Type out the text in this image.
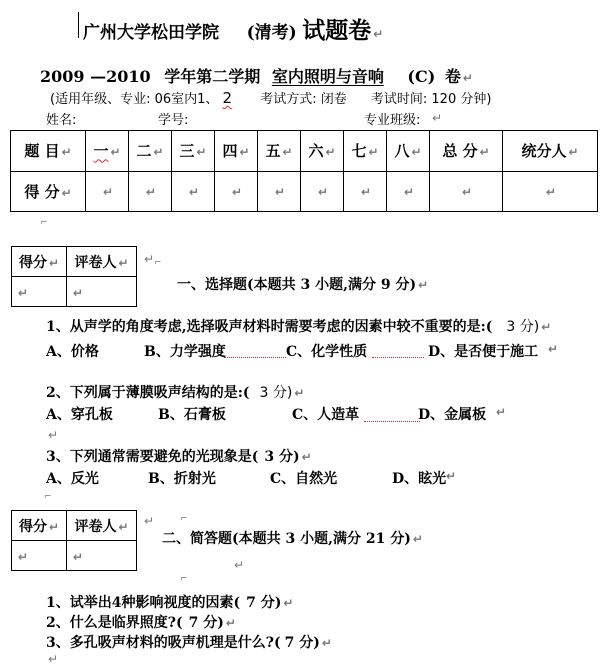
广州大学松田学院 (清考) 试题卷 ↵
2009 —2010 学年第二学期 室内照明与音响 (C) 卷 ↵
(适用年级、专业: 06室内1、 2 考试方式: 闭卷 考试时间: 120 分钟)
姓名:	学号:	专业班级: ↵
题 目 ↵	一 ↵	二 ↵	三 ↵	四 ↵	五 ↵	六 ↵	七 ↵	八 ↵	总 分 ↵	统分人 ↵
得 分 ↵	↵	↵	↵	↵	↵	↵	↵	↵	↵	↵
⌐
得分 ↵	评卷人 ↵
↵	↵
↵ ⌐
一、选择题(本题共 3 小题,满分 9 分) ↵
1、从声学的角度考虑,选择吸声材料时需要考虑的因素中较不重要的是:( 3 分) ↵
A、价格	B、力学强度	C、化学性质	D、是否便于施工 ↵
2、下列属于薄膜吸声结构的是:( 3 分) ↵
A、穿孔板	B、石膏板	C、人造革	D、金属板 ↵
↵
3、下列通常需要避免的光现象是( 3 分) ↵
A、反光	B、折射光	C、自然光	D、眩光 ↵
⌐
得分 ↵	评卷人 ↵
↵	↵
↵	⌐
二、简答题(本题共 3 小题,满分 21 分) ↵
↵
⌐
1、试举出4种影响视度的因素( 7 分) ↵
2、什么是临界照度?( 7 分) ↵
3、多孔吸声材料的吸声机理是什么?( 7 分) ↵
↵
